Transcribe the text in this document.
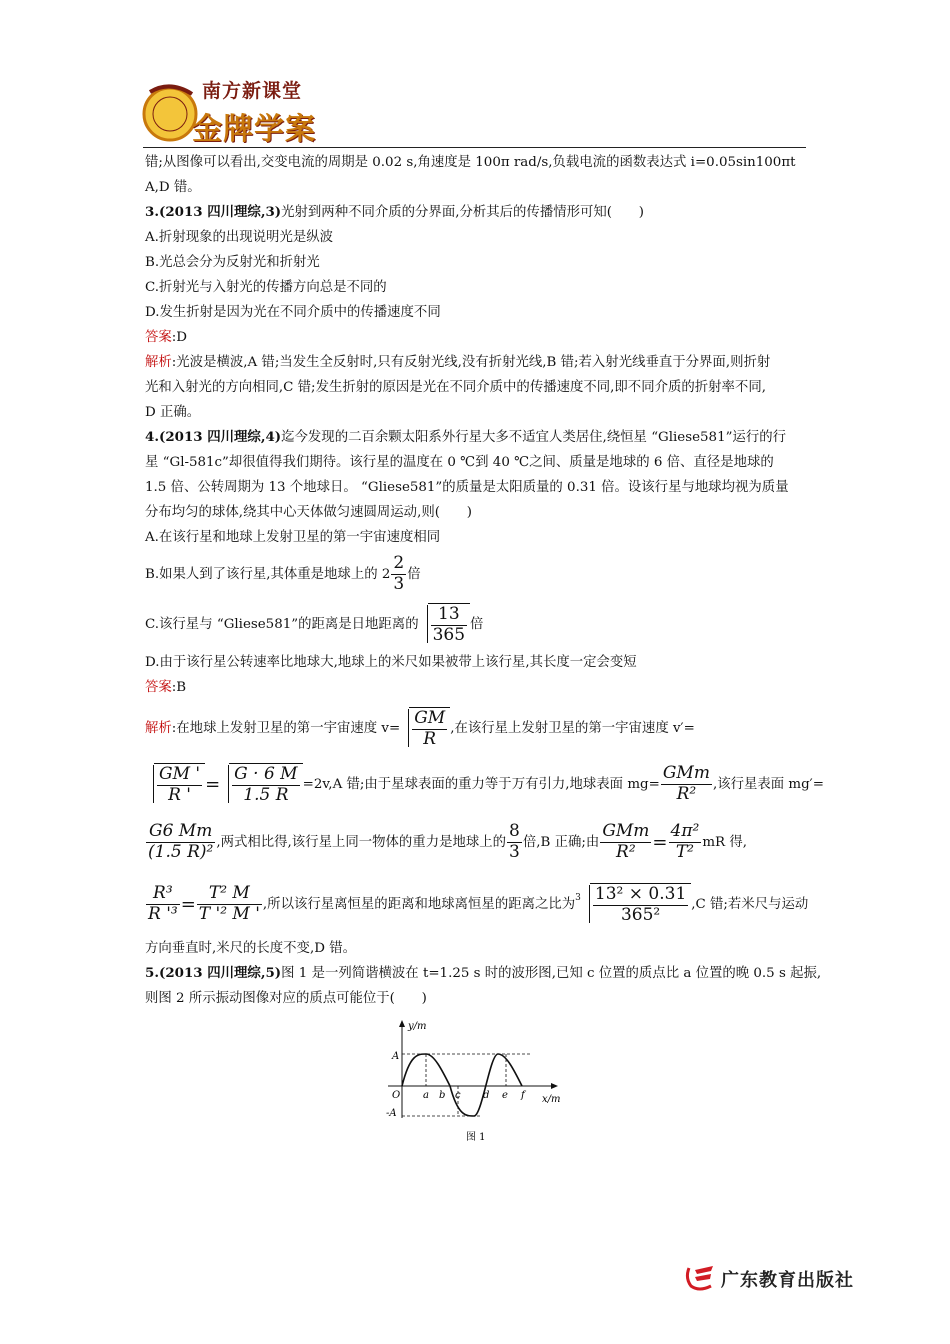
南方新课堂
金牌学案
错;从图像可以看出,交变电流的周期是 0.02 s,角速度是 100π rad/s,负载电流的函数表达式 i=0.05sin100πt
A,D 错。
3.(2013 四川理综,3)光射到两种不同介质的分界面,分析其后的传播情形可知(　　)
A.折射现象的出现说明光是纵波
B.光总会分为反射光和折射光
C.折射光与入射光的传播方向总是不同的
D.发生折射是因为光在不同介质中的传播速度不同
答案:D
解析:光波是横波,A 错;当发生全反射时,只有反射光线,没有折射光线,B 错;若入射光线垂直于分界面,则折射
光和入射光的方向相同,C 错;发生折射的原因是光在不同介质中的传播速度不同,即不同介质的折射率不同,
D 正确。
4.(2013 四川理综,4)迄今发现的二百余颗太阳系外行星大多不适宜人类居住,绕恒星 “Gliese581”运行的行
星 “Gl-581c”却很值得我们期待。该行星的温度在 0 ℃到 40 ℃之间、质量是地球的 6 倍、直径是地球的
1.5 倍、公转周期为 13 个地球日。 “Gliese581”的质量是太阳质量的 0.31 倍。设该行星与地球均视为质量
分布均匀的球体,绕其中心天体做匀速圆周运动,则(　　)
A.在该行星和地球上发射卫星的第一宇宙速度相同
B.如果人到了该行星,其体重是地球上的 $2 \frac{2}{3}$ 倍
C.该行星与 “Gliese581”的距离是日地距离的 $\frac{13}{365}$ 倍
D.由于该行星公转速率比地球大,地球上的米尺如果被带上该行星,其长度一定会变短
答案:B
解析 :在地球上发射卫星的第一宇宙速度 $v= \frac{GM}{R}$ ,在该行星上发射卫星的第一宇宙速度 v′=
$\frac{GM '}{R '} = \frac{G \cdot 6 M}{1.5 R} =2v,A$ 错;由于星球表面的重力等于万有引力,地球表面 $mg= \frac{\text{GMm}}{\text{R²}}$ ,该行星表面 mg′=
$\frac{G6 Mm}{\text{(1.5 R)²}}$ ,两式相比得,该行星上同一物体的重力是地球上的 $\frac{8}{3}$ 倍,B 正确;由 $\frac{\text{GMm}}{\text{R²}} = \frac{\text{4π²}}{\text{T²}}$ mR 得,
$\frac{\text{R³}}{\text{R '³}} = \frac{\text{T² M}}{\text{T '² M '}}$ ,所以该行星离恒星的距离和地球离恒星的距离之比为$^3 \frac{\text{13² × 0.31}}{\text{365²}} ,C$ 错;若米尺与运动
方向垂直时,米尺的长度不变,D 错。
5.(2013 四川理综,5)图 1 是一列简谐横波在 t=1.25 s 时的波形图,已知 c 位置的质点比 a 位置的晚 0.5 s 起振,
则图 2 所示振动图像对应的质点可能位于(　　)
y/m
x/m
A
-A
O a b c d e f
图 1
广东教育出版社
